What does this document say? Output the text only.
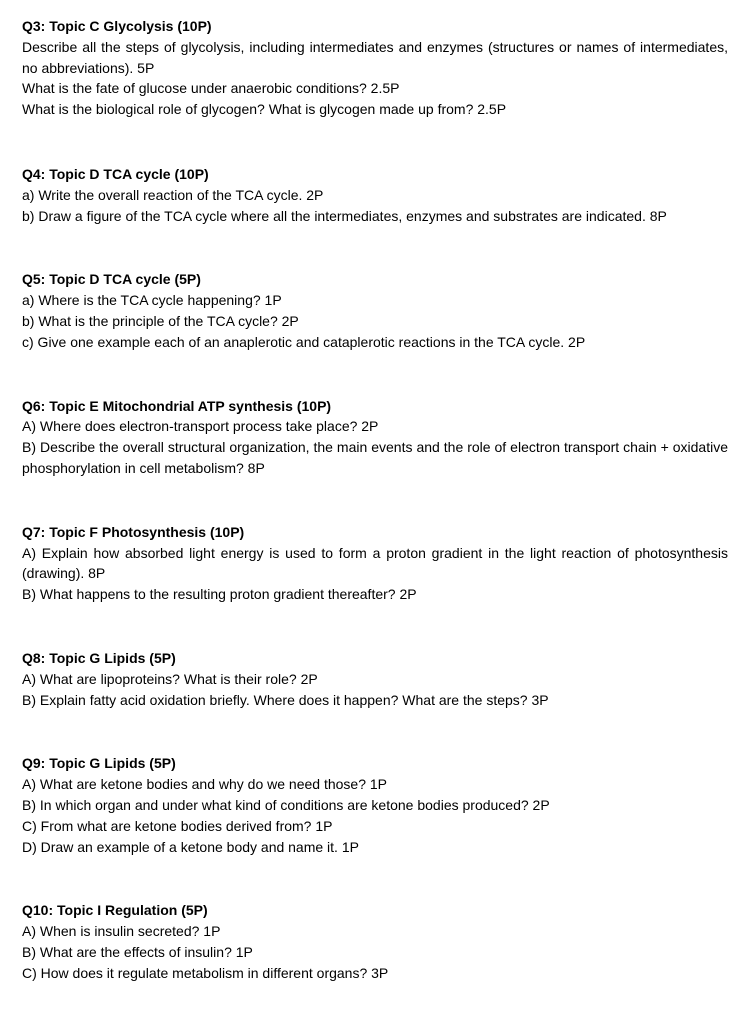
Q3: Topic C Glycolysis (10P)

Describe all the steps of glycolysis, including intermediates and enzymes (structures or names of intermediates, no abbreviations). 5P

What is the fate of glucose under anaerobic conditions? 2.5P

What is the biological role of glycogen? What is glycogen made up from? 2.5P

Q4: Topic D TCA cycle (10P)

a) Write the overall reaction of the TCA cycle. 2P

b) Draw a figure of the TCA cycle where all the intermediates, enzymes and substrates are indicated. 8P

Q5: Topic D TCA cycle (5P)

a) Where is the TCA cycle happening? 1P

b) What is the principle of the TCA cycle? 2P

c) Give one example each of an anaplerotic and cataplerotic reactions in the TCA cycle. 2P

Q6: Topic E Mitochondrial ATP synthesis (10P)

A) Where does electron-transport process take place? 2P

B) Describe the overall structural organization, the main events and the role of electron transport chain + oxidative phosphorylation in cell metabolism? 8P

Q7: Topic F Photosynthesis (10P)

A) Explain how absorbed light energy is used to form a proton gradient in the light reaction of photosynthesis (drawing). 8P

B) What happens to the resulting proton gradient thereafter? 2P

Q8: Topic G Lipids (5P)

A) What are lipoproteins? What is their role? 2P

B) Explain fatty acid oxidation briefly. Where does it happen? What are the steps? 3P

Q9: Topic G Lipids (5P)

A) What are ketone bodies and why do we need those? 1P

B) In which organ and under what kind of conditions are ketone bodies produced? 2P

C) From what are ketone bodies derived from? 1P

D) Draw an example of a ketone body and name it. 1P

Q10: Topic I Regulation (5P)

A) When is insulin secreted? 1P

B) What are the effects of insulin? 1P

C) How does it regulate metabolism in different organs? 3P
